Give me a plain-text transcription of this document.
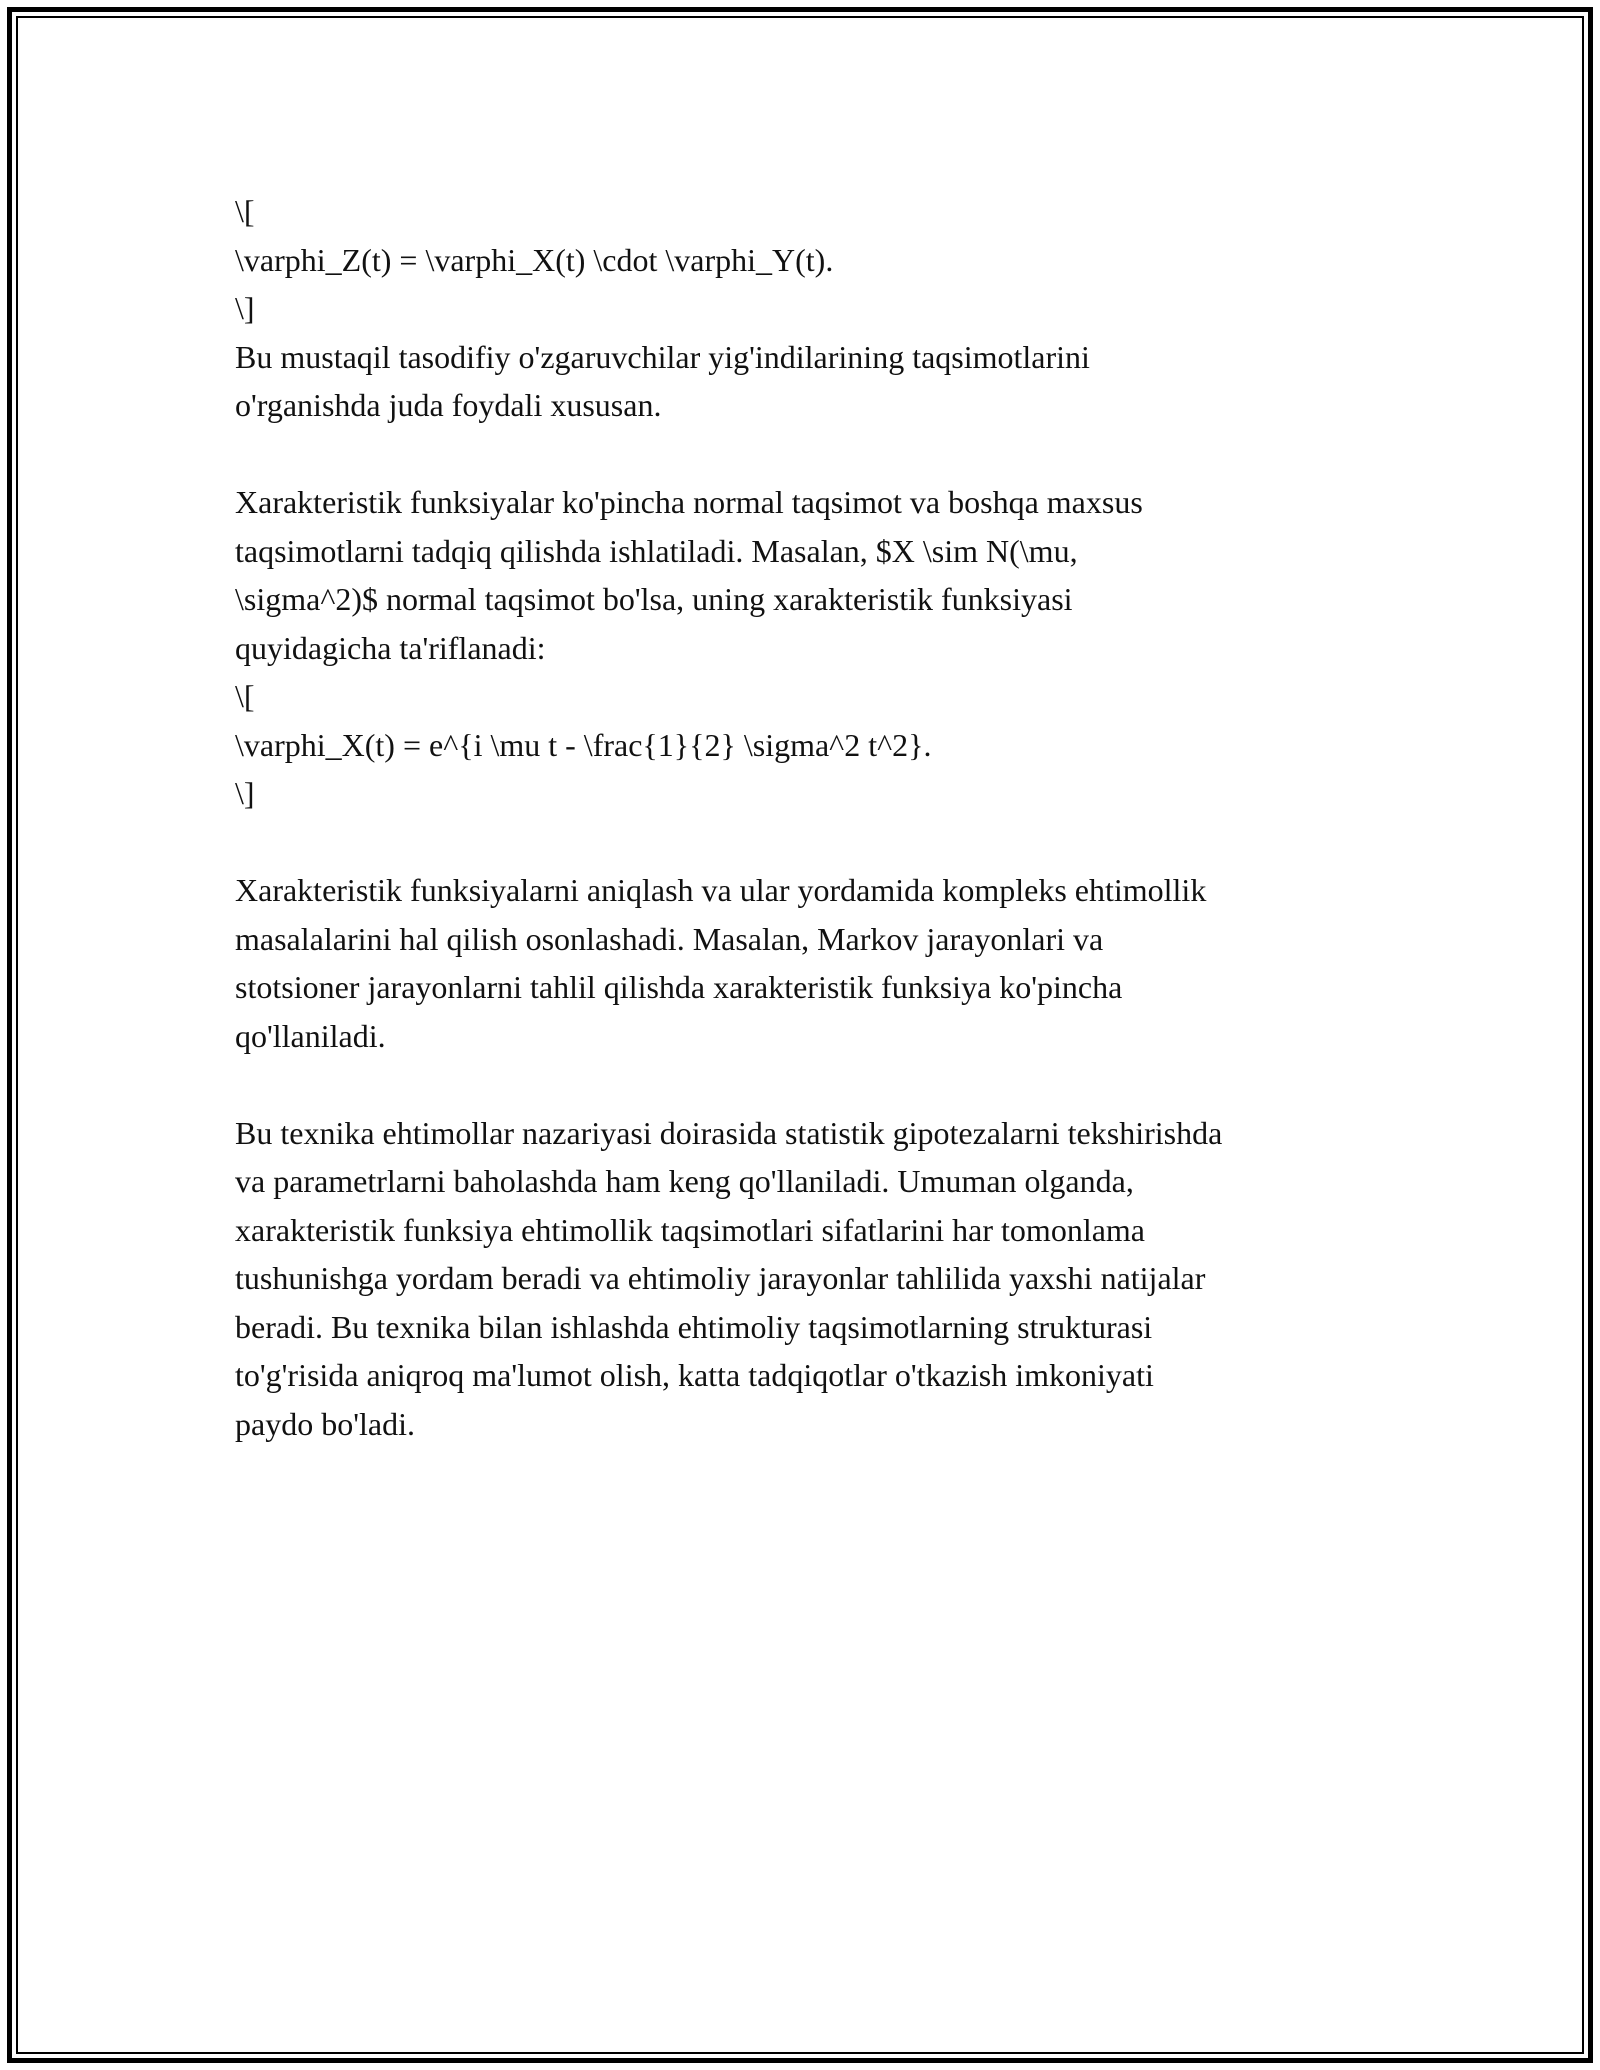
\[
\varphi_Z(t) = \varphi_X(t) \cdot \varphi_Y(t).
\]
Bu mustaqil tasodifiy o'zgaruvchilar yig'indilarining taqsimotlarini
o'rganishda juda foydali xususan.
Xarakteristik funksiyalar ko'pincha normal taqsimot va boshqa maxsus
taqsimotlarni tadqiq qilishda ishlatiladi. Masalan, $X \sim N(\mu,
\sigma^2)$ normal taqsimot bo'lsa, uning xarakteristik funksiyasi
quyidagicha ta'riflanadi:
\[
\varphi_X(t) = e^{i \mu t - \frac{1}{2} \sigma^2 t^2}.
\]
Xarakteristik funksiyalarni aniqlash va ular yordamida kompleks ehtimollik
masalalarini hal qilish osonlashadi. Masalan, Markov jarayonlari va
stotsioner jarayonlarni tahlil qilishda xarakteristik funksiya ko'pincha
qo'llaniladi.
Bu texnika ehtimollar nazariyasi doirasida statistik gipotezalarni tekshirishda
va parametrlarni baholashda ham keng qo'llaniladi. Umuman olganda,
xarakteristik funksiya ehtimollik taqsimotlari sifatlarini har tomonlama
tushunishga yordam beradi va ehtimoliy jarayonlar tahlilida yaxshi natijalar
beradi. Bu texnika bilan ishlashda ehtimoliy taqsimotlarning strukturasi
to'g'risida aniqroq ma'lumot olish, katta tadqiqotlar o'tkazish imkoniyati
paydo bo'ladi.
